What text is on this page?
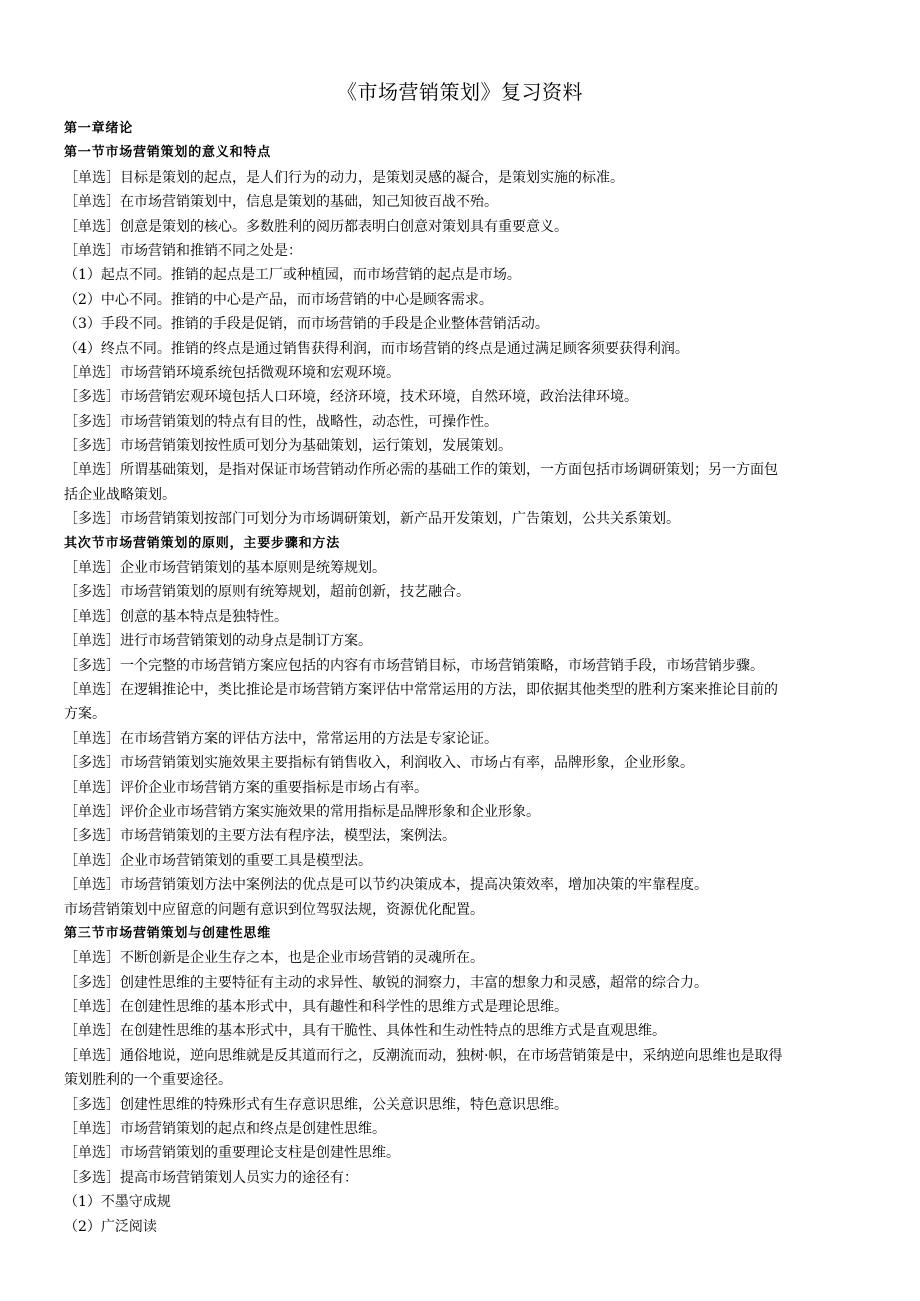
《市场营销策划》复习资料
第一章绪论
第一节市场营销策划的意义和特点
［单选］目标是策划的起点，是人们行为的动力，是策划灵感的凝合，是策划实施的标准。
［单选］在市场营销策划中，信息是策划的基础，知己知彼百战不殆。
［单选］创意是策划的核心。多数胜利的阅历都表明白创意对策划具有重要意义。
［单选］市场营销和推销不同之处是：
（1）起点不同。推销的起点是工厂或种植园，而市场营销的起点是市场。
（2）中心不同。推销的中心是产品，而市场营销的中心是顾客需求。
（3）手段不同。推销的手段是促销，而市场营销的手段是企业整体营销活动。
（4）终点不同。推销的终点是通过销售获得利润，而市场营销的终点是通过满足顾客须要获得利润。
［单选］市场营销环境系统包括微观环境和宏观环境。
［多选］市场营销宏观环境包括人口环境，经济环境，技术环境，自然环境，政治法律环境。
［多选］市场营销策划的特点有目的性，战略性，动态性，可操作性。
［多选］市场营销策划按性质可划分为基础策划，运行策划，发展策划。
［单选］所谓基础策划，是指对保证市场营销动作所必需的基础工作的策划，一方面包括市场调研策划；另一方面包
括企业战略策划。
［多选］市场营销策划按部门可划分为市场调研策划，新产品开发策划，广告策划，公共关系策划。
其次节市场营销策划的原则，主要步骤和方法
［单选］企业市场营销策划的基本原则是统筹规划。
［多选］市场营销策划的原则有统筹规划，超前创新，技艺融合。
［单选］创意的基本特点是独特性。
［单选］进行市场营销策划的动身点是制订方案。
［多选］一个完整的市场营销方案应包括的内容有市场营销目标，市场营销策略，市场营销手段，市场营销步骤。
［单选］在逻辑推论中，类比推论是市场营销方案评估中常常运用的方法，即依据其他类型的胜利方案来推论目前的
方案。
［单选］在市场营销方案的评估方法中，常常运用的方法是专家论证。
［多选］市场营销策划实施效果主要指标有销售收入，利润收入、市场占有率，品牌形象，企业形象。
［单选］评价企业市场营销方案的重要指标是市场占有率。
［单选］评价企业市场营销方案实施效果的常用指标是品牌形象和企业形象。
［多选］市场营销策划的主要方法有程序法，模型法，案例法。
［单选］企业市场营销策划的重要工具是模型法。
［单选］市场营销策划方法中案例法的优点是可以节约决策成本，提高决策效率，增加决策的牢靠程度。
市场营销策划中应留意的问题有意识到位驾驭法规，资源优化配置。
第三节市场营销策划与创建性思维
［单选］不断创新是企业生存之本，也是企业市场营销的灵魂所在。
［多选］创建性思维的主要特征有主动的求异性、敏锐的洞察力，丰富的想象力和灵感，超常的综合力。
［单选］在创建性思维的基本形式中，具有趣性和科学性的思维方式是理论思维。
［单选］在创建性思维的基本形式中，具有干脆性、具体性和生动性特点的思维方式是直观思维。
［单选］通俗地说，逆向思维就是反其道而行之，反潮流而动，独树·帜，在市场营销策是中，采纳逆向思维也是取得
策划胜利的一个重要途径。
［多选］创建性思维的特殊形式有生存意识思维，公关意识思维，特色意识思维。
［单选］市场营销策划的起点和终点是创建性思维。
［单选］市场营销策划的重要理论支柱是创建性思维。
［多选］提高市场营销策划人员实力的途径有：
（1）不墨守成规
（2）广泛阅读
